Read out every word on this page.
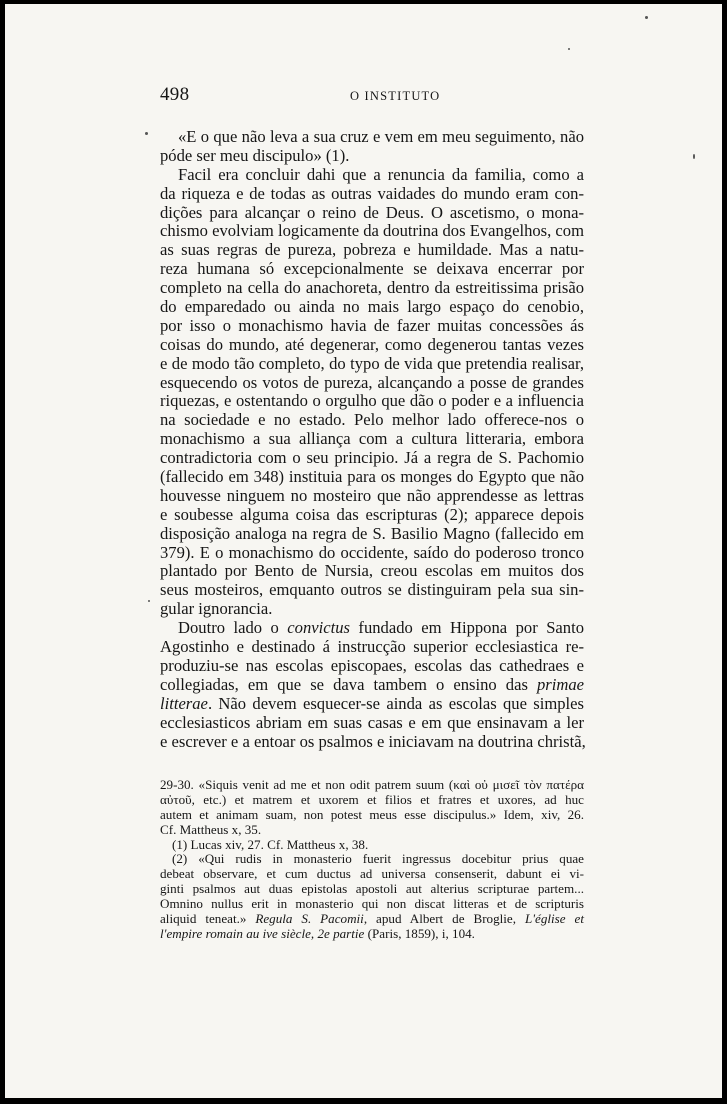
498	O INSTITUTO
«E o que não leva a sua cruz e vem em meu seguimento, não
póde ser meu discipulo» (1).
Facil era concluir dahi que a renuncia da familia, como a
da riqueza e de todas as outras vaidades do mundo eram con-
dições para alcançar o reino de Deus. O ascetismo, o mona-
chismo evolviam logicamente da doutrina dos Evangelhos, com
as suas regras de pureza, pobreza e humildade. Mas a natu-
reza humana só excepcionalmente se deixava encerrar por
completo na cella do anachoreta, dentro da estreitissima prisão
do emparedado ou ainda no mais largo espaço do cenobio,
por isso o monachismo havia de fazer muitas concessões ás
coisas do mundo, até degenerar, como degenerou tantas vezes
e de modo tão completo, do typo de vida que pretendia realisar,
esquecendo os votos de pureza, alcançando a posse de grandes
riquezas, e ostentando o orgulho que dão o poder e a influencia
na sociedade e no estado. Pelo melhor lado offerece-nos o
monachismo a sua alliança com a cultura litteraria, embora
contradictoria com o seu principio. Já a regra de S. Pachomio
(fallecido em 348) instituia para os monges do Egypto que não
houvesse ninguem no mosteiro que não apprendesse as lettras
e soubesse alguma coisa das escripturas (2); apparece depois
disposição analoga na regra de S. Basilio Magno (fallecido em
379). E o monachismo do occidente, saído do poderoso tronco
plantado por Bento de Nursia, creou escolas em muitos dos
seus mosteiros, emquanto outros se distinguiram pela sua sin-
gular ignorancia.
Doutro lado o convictus fundado em Hippona por Santo
Agostinho e destinado á instrucção superior ecclesiastica re-
produziu-se nas escolas episcopaes, escolas das cathedraes e
collegiadas, em que se dava tambem o ensino das primae
litterae. Não devem esquecer-se ainda as escolas que simples
ecclesiasticos abriam em suas casas e em que ensinavam a ler
e escrever e a entoar os psalmos e iniciavam na doutrina christã,
29-30. «Siquis venit ad me et non odit patrem suum (καὶ οὐ μισεῖ τὸν πατέρα
αὐτοῦ, etc.) et matrem et uxorem et filios et fratres et uxores, ad huc
autem et animam suam, non potest meus esse discipulus.» Idem, xiv, 26.
Cf. Mattheus x, 35.
(1) Lucas xiv, 27. Cf. Mattheus x, 38.
(2) «Qui rudis in monasterio fuerit ingressus docebitur prius quae
debeat observare, et cum ductus ad universa consenserit, dabunt ei vi-
ginti psalmos aut duas epistolas apostoli aut alterius scripturae partem...
Omnino nullus erit in monasterio qui non discat litteras et de scripturis
aliquid teneat.» Regula S. Pacomii, apud Albert de Broglie, L'église et
l'empire romain au ive siècle, 2e partie (Paris, 1859), i, 104.
